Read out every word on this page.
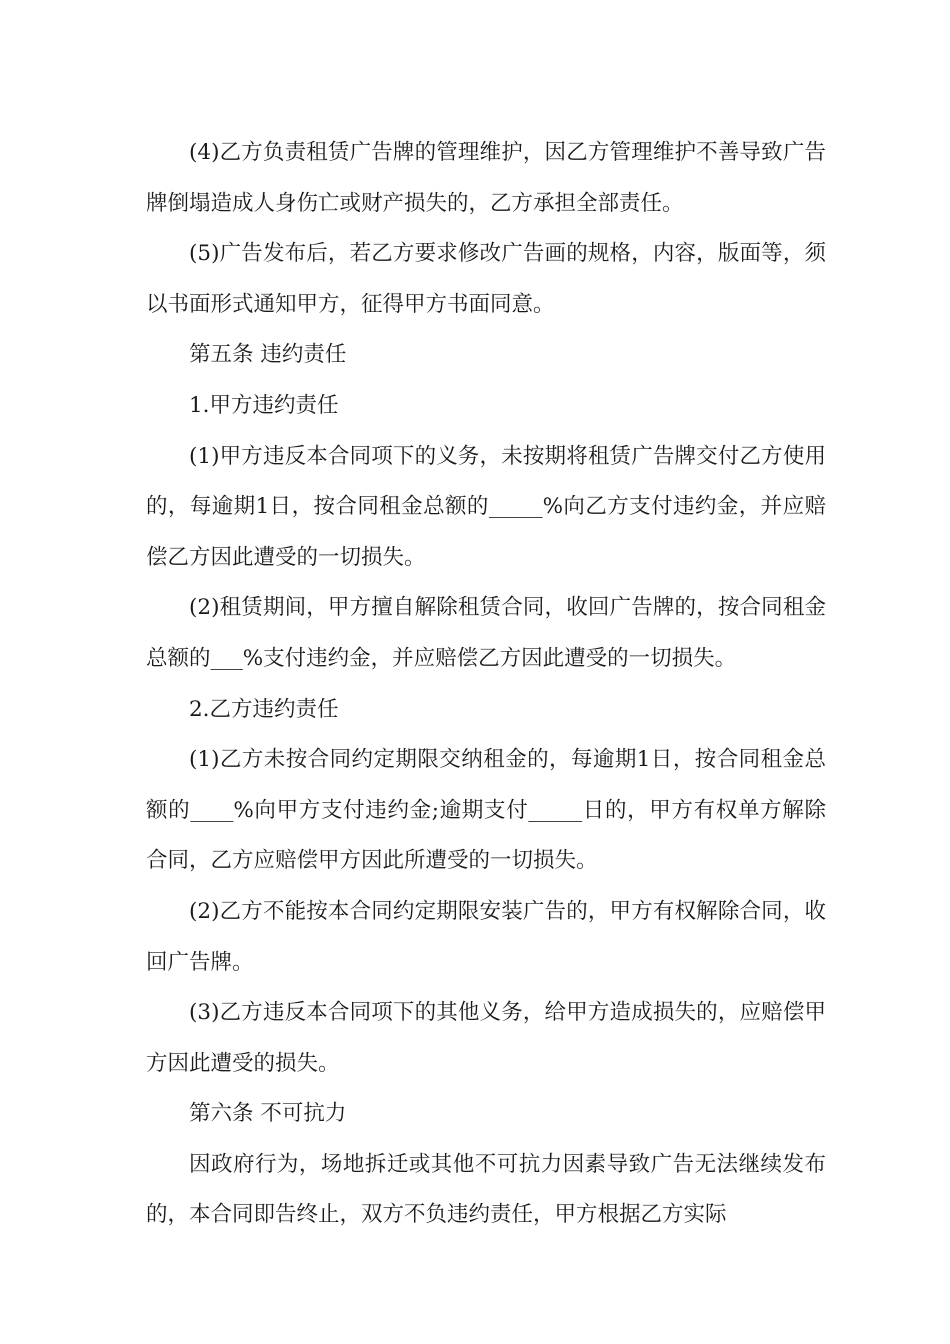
(4)乙方负责租赁广告牌的管理维护，因乙方管理维护不善导致广告牌倒塌造成人身伤亡或财产损失的，乙方承担全部责任。

(5)广告发布后，若乙方要求修改广告画的规格，内容，版面等，须以书面形式通知甲方，征得甲方书面同意。

第五条 违约责任

1.甲方违约责任

(1)甲方违反本合同项下的义务，未按期将租赁广告牌交付乙方使用的，每逾期1日，按合同租金总额的_____%向乙方支付违约金，并应赔偿乙方因此遭受的一切损失。

(2)租赁期间，甲方擅自解除租赁合同，收回广告牌的，按合同租金总额的___%支付违约金，并应赔偿乙方因此遭受的一切损失。

2.乙方违约责任

(1)乙方未按合同约定期限交纳租金的，每逾期1日，按合同租金总额的____%向甲方支付违约金;逾期支付_____日的，甲方有权单方解除合同，乙方应赔偿甲方因此所遭受的一切损失。

(2)乙方不能按本合同约定期限安装广告的，甲方有权解除合同，收回广告牌。

(3)乙方违反本合同项下的其他义务，给甲方造成损失的，应赔偿甲方因此遭受的损失。

第六条 不可抗力

因政府行为，场地拆迁或其他不可抗力因素导致广告无法继续发布的，本合同即告终止，双方不负违约责任，甲方根据乙方实际
